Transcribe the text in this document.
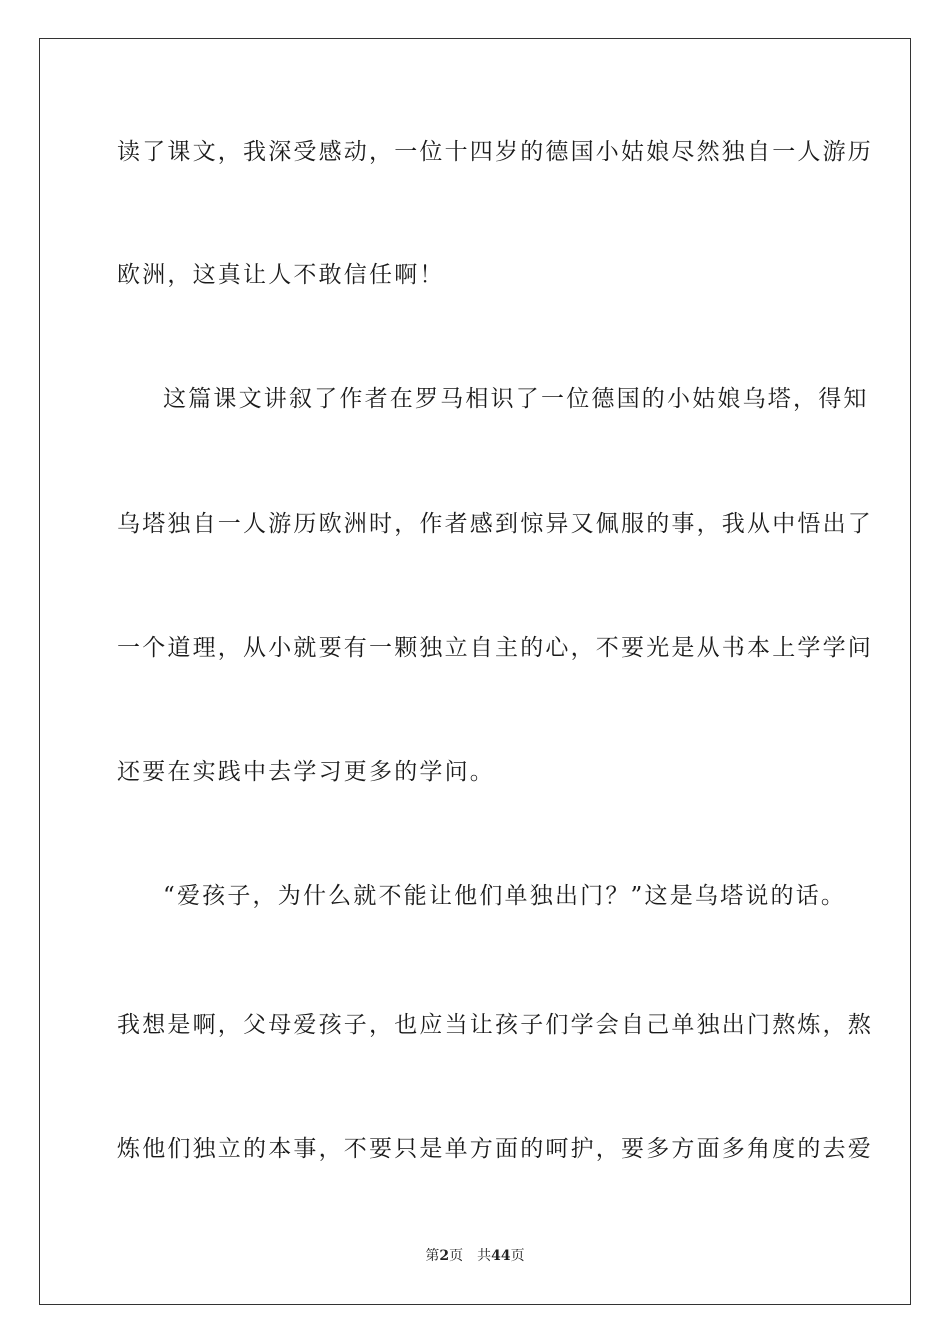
读了课文，我深受感动，一位十四岁的德国小姑娘尽然独自一人游历
欧洲，这真让人不敢信任啊！
这篇课文讲叙了作者在罗马相识了一位德国的小姑娘乌塔，得知
乌塔独自一人游历欧洲时，作者感到惊异又佩服的事，我从中悟出了
一个道理，从小就要有一颗独立自主的心，不要光是从书本上学学问
还要在实践中去学习更多的学问。
“爱孩子，为什么就不能让他们单独出门？”这是乌塔说的话。
我想是啊，父母爱孩子，也应当让孩子们学会自己单独出门熬炼，熬
炼他们独立的本事，不要只是单方面的呵护，要多方面多角度的去爱
第2页 共44页
